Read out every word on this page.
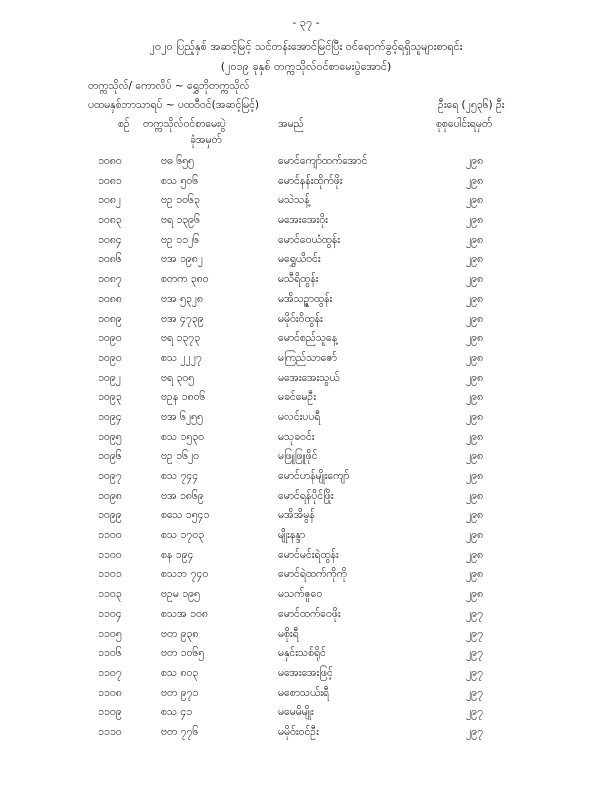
- ၃၇ -
၂၀၂၀ ပြည့်နှစ် အဆင့်မြင့် သင်တန်းအောင်မြင်ပြီး ဝင်ရောက်ခွင့်ရရှိသူများစာရင်း
(၂၀၁၉ ခုနှစ် တက္ကသိုလ်ဝင်စာမေးပွဲအောင်)
တက္ကသိုလ်/ ကောလိပ် ~ ရွှေဘိုတက္ကသိုလ်
ပထမနှစ်ဘာသာရပ် ~ ပထဝီဝင်(အဆင့်မြင့်)	ဦးရေ (၂၅၃၆) ဦး
စဉ် တက္ကသိုလ်ဝင်စာမေးပွဲ
ခုံအမှတ်
အမည်	စုစုပေါင်းရမှတ်
၁၀၈၀	ဗဓ ၆၅၅	မောင်ကျော်ထက်အောင်	၂၉၈
၁၀၈၁	စသ ၅၀၆	မောင်နန်းထိုက်ဖိုး	၂၉၈
၁၀၈၂	ဗဥ ၁၀၆၃	မသဲသန့်	၂၉၈
၁၀၈၃	ဗရ ၁၃၉၆	မအေးအေးဝိုး	၂၉၈
၁၀၈၄	ဗဥ ၁၁၂၆	မောင်ဝေယံထွန်း	၂၉၈
၁၀၈၆	ဗအ ၁၉၈၂	မရွှေယိဝင်း	၂၉၈
၁၀၈၇	စတက ၃၈၀	မသီရိထွန်း	၂၉၈
၁၀၈၈	ဗအ ၅၃၂၈	မအိသဉ္ဇာထွန်း	၂၉၈
၁၀၈၉	ဗအ ၄၇၃၉	မမိုဝ်းဝိထွန်း	၂၉၈
၁၀၉၀	ဗရ ၁၃၇၃	မောင်စည်သူနေ့	၂၉၈
၁၀၉၀	စသ ၂၂၂၇	မကြည်သာဇော်	၂၉၈
၁၀၉၂	ဗရ ၃၀၅	မအေးအေးသွယ်	၂၉၈
၁၀၉၃	ဗဥန ၁၈၀၆	မခင်မေဦး	၂၉၈
၁၀၉၄	ဗအ ၆၂၅၅	မလင်းပပရီ	၂၉၈
၁၀၉၅	စသ ၁၅၃၀	မသုခဝင်း	၂၉၈
၁၀၉၆	ဗဥ ၁၆၂၀	မဖြူဖြူဖိုင်	၂၉၈
၁၀၉၇	စသ ၇၄၄	မောင်ဟန်မျိုးကျော်	၂၉၈
၁၀၉၈	ဗအ ၁၈၆၉	မောင်ရန်ပိုင်ဖြိုး	၂၉၈
၁၀၉၉	စသေ ၁၅၄၁	မအိအိမွန်	၂၉၈
၁၁၀၀	စသ ၁၇၀၃	မျိုးနန္ဒာ	၂၉၈
၁၁၀၀	စန ၁၉၄	မောင်မင်းရဲထွန်း	၂၉၈
၁၁၀၁	စသဘ ၇၄၀	မောင်ရဲထက်ကိုကို	၂၉၈
၁၁၀၃	ဗဥမ ၁၉၅	မသက်ဇူဝေ	၂၉၈
၁၁၀၄	စသအ ၁၀၈	မောင်ထက်ဝေဖိုး	၂၉၇
၁၁၀၅	ဗတ ၉၃၈	မစိုးရီ	၂၉၇
၁၁၀၆	ဗတ ၁၀၆၅	မနှင်းသစ်ရိုင်	၂၉၇
၁၁၀၇	စသ ၈၀၃	မအေးအေးဖြင့်	၂၉၇
၁၁၀၈	ဗတ ၉၇၁	မစောသယ်းရီ	၂၉၇
၁၁၀၉	စသ ၄၁	မမေမိမျိုး	၂၉၇
၁၁၁၀	ဗတ ၇၇၆	မမိုဝ်းဝင်ဦး	၂၉၇
